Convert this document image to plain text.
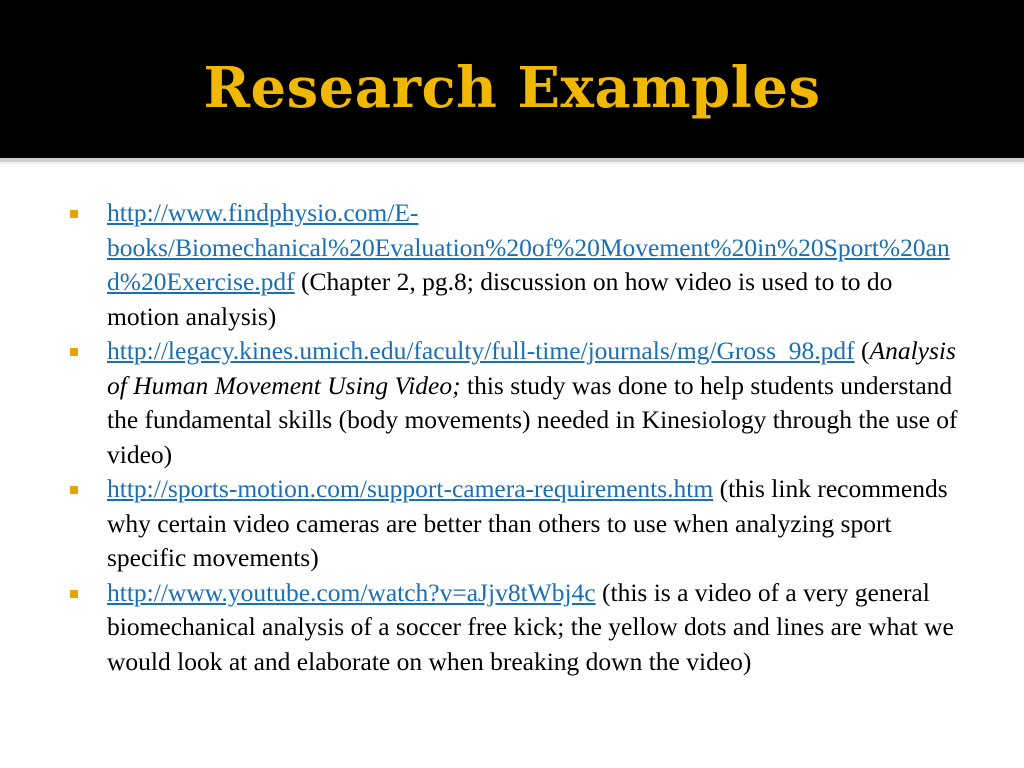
Research Examples

http://www.findphysio.com/E-books/Biomechanical%20Evaluation%20of%20Movement%20in%20Sport%20and%20Exercise.pdf (Chapter 2, pg.8; discussion on how video is used to to do motion analysis)

http://legacy.kines.umich.edu/faculty/full-time/journals/mg/Gross_98.pdf (Analysis of Human Movement Using Video; this study was done to help students understand the fundamental skills (body movements) needed in Kinesiology through the use of video)

http://sports-motion.com/support-camera-requirements.htm (this link recommends why certain video cameras are better than others to use when analyzing sport specific movements)

http://www.youtube.com/watch?v=aJjv8tWbj4c (this is a video of a very general biomechanical analysis of a soccer free kick; the yellow dots and lines are what we would look at and elaborate on when breaking down the video)
